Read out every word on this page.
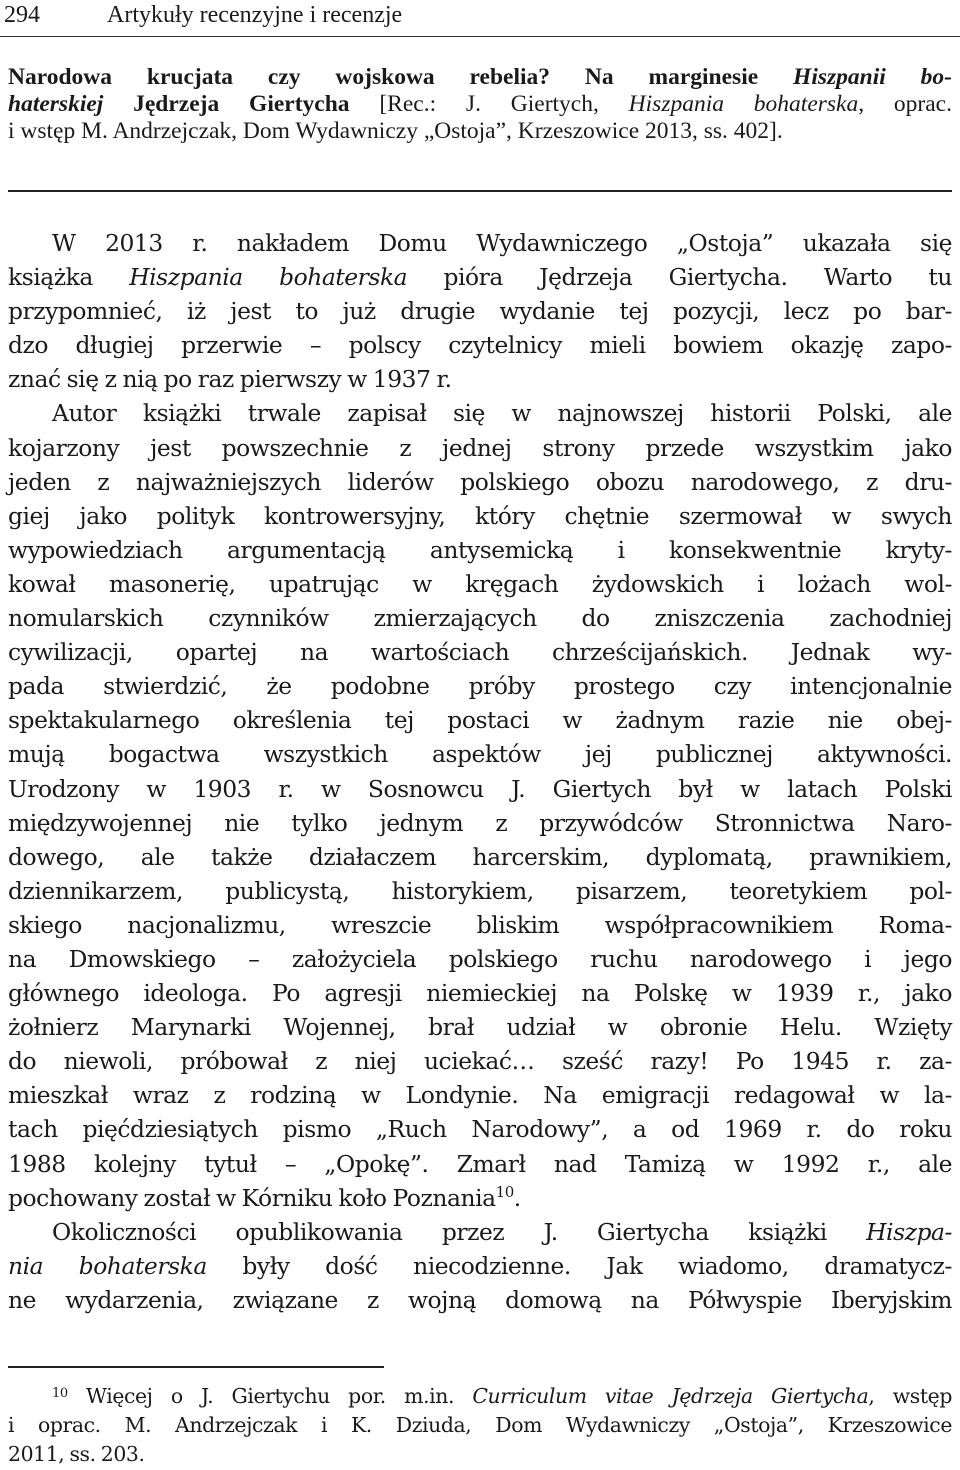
294	Artykuły recenzyjne i recenzje
Narodowa krucjata czy wojskowa rebelia? Na marginesie Hiszpanii bo-
haterskiej Jędrzeja Giertycha [Rec.: J. Giertych, Hiszpania bohaterska, oprac.
i wstęp M. Andrzejczak, Dom Wydawniczy „Ostoja”, Krzeszowice 2013, ss. 402].
W 2013 r. nakładem Domu Wydawniczego „Ostoja” ukazała się
książka Hiszpania bohaterska pióra Jędrzeja Giertycha. Warto tu
przypomnieć, iż jest to już drugie wydanie tej pozycji, lecz po bar-
dzo długiej przerwie – polscy czytelnicy mieli bowiem okazję zapo-
znać się z nią po raz pierwszy w 1937 r.
Autor książki trwale zapisał się w najnowszej historii Polski, ale
kojarzony jest powszechnie z jednej strony przede wszystkim jako
jeden z najważniejszych liderów polskiego obozu narodowego, z dru-
giej jako polityk kontrowersyjny, który chętnie szermował w swych
wypowiedziach argumentacją antysemicką i konsekwentnie kryty-
kował masonerię, upatrując w kręgach żydowskich i lożach wol-
nomularskich czynników zmierzających do zniszczenia zachodniej
cywilizacji, opartej na wartościach chrześcijańskich. Jednak wy-
pada stwierdzić, że podobne próby prostego czy intencjonalnie
spektakularnego określenia tej postaci w żadnym razie nie obej-
mują bogactwa wszystkich aspektów jej publicznej aktywności.
Urodzony w 1903 r. w Sosnowcu J. Giertych był w latach Polski
międzywojennej nie tylko jednym z przywódców Stronnictwa Naro-
dowego, ale także działaczem harcerskim, dyplomatą, prawnikiem,
dziennikarzem, publicystą, historykiem, pisarzem, teoretykiem pol-
skiego nacjonalizmu, wreszcie bliskim współpracownikiem Roma-
na Dmowskiego – założyciela polskiego ruchu narodowego i jego
głównego ideologa. Po agresji niemieckiej na Polskę w 1939 r., jako
żołnierz Marynarki Wojennej, brał udział w obronie Helu. Wzięty
do niewoli, próbował z niej uciekać… sześć razy! Po 1945 r. za-
mieszkał wraz z rodziną w Londynie. Na emigracji redagował w la-
tach pięćdziesiątych pismo „Ruch Narodowy”, a od 1969 r. do roku
1988 kolejny tytuł – „Opokę”. Zmarł nad Tamizą w 1992 r., ale
pochowany został w Kórniku koło Poznania$^{10}$.
Okoliczności opublikowania przez J. Giertycha książki Hiszpa-
nia bohaterska były dość niecodzienne. Jak wiadomo, dramatycz-
ne wydarzenia, związane z wojną domową na Półwyspie Iberyjskim
$^{10}$ Więcej o J. Giertychu por. m.in. Curriculum vitae Jędrzeja Giertycha, wstęp
i oprac. M. Andrzejczak i K. Dziuda, Dom Wydawniczy „Ostoja”, Krzeszowice
2011, ss. 203.
